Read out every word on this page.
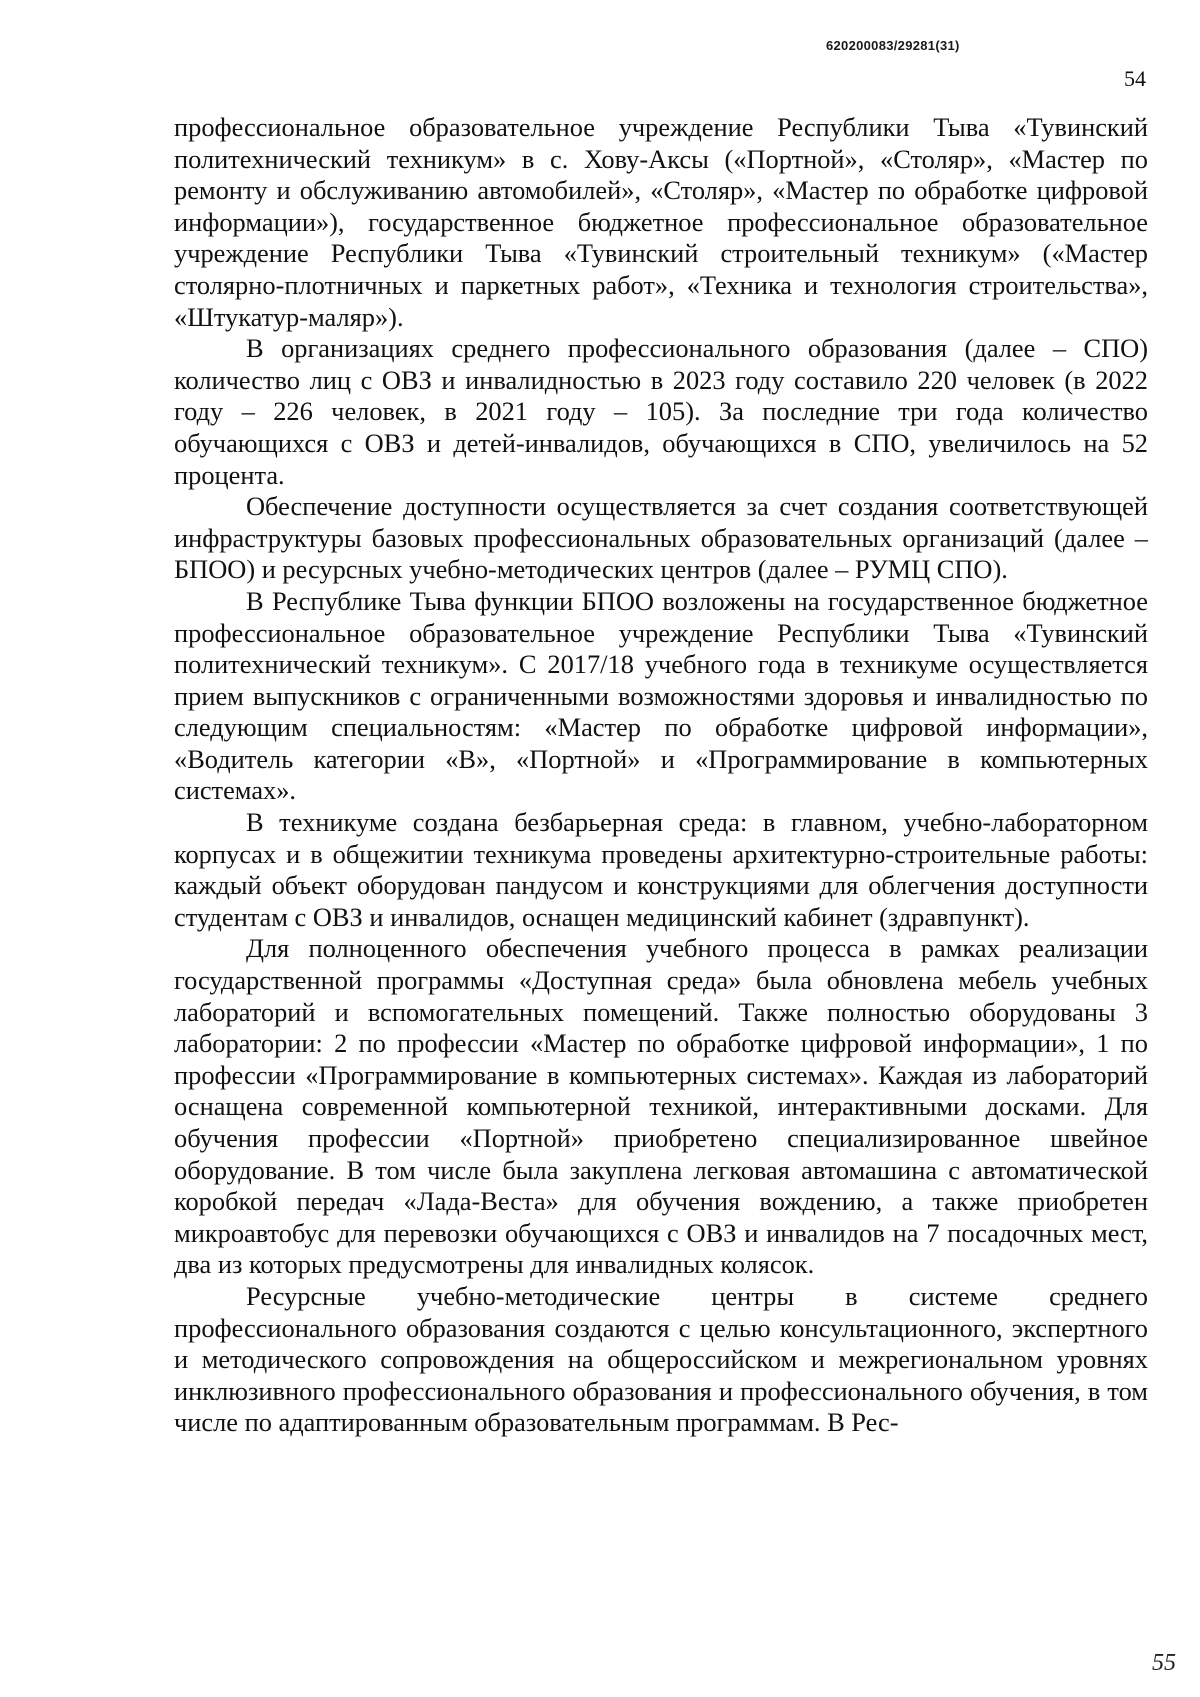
620200083/29281(31)
54

профессиональное образовательное учреждение Республики Тыва «Тувинский политехнический техникум» в с. Хову-Аксы («Портной», «Столяр», «Мастер по ремонту и обслуживанию автомобилей», «Столяр», «Мастер по обработке цифровой информации»), государственное бюджетное профессиональное образовательное учреждение Республики Тыва «Тувинский строительный техникум» («Мастер столярно-плотничных и паркетных работ», «Техника и технология строительства», «Штукатур-маляр»).

В организациях среднего профессионального образования (далее – СПО) количество лиц с ОВЗ и инвалидностью в 2023 году составило 220 человек (в 2022 году – 226 человек, в 2021 году – 105). За последние три года количество обучающихся с ОВЗ и детей-инвалидов, обучающихся в СПО, увеличилось на 52 процента.

Обеспечение доступности осуществляется за счет создания соответствующей инфраструктуры базовых профессиональных образовательных организаций (далее – БПОО) и ресурсных учебно-методических центров (далее – РУМЦ СПО).

В Республике Тыва функции БПОО возложены на государственное бюджетное профессиональное образовательное учреждение Республики Тыва «Тувинский политехнический техникум». С 2017/18 учебного года в техникуме осуществляется прием выпускников с ограниченными возможностями здоровья и инвалидностью по следующим специальностям: «Мастер по обработке цифровой информации», «Водитель категории «В», «Портной» и «Программирование в компьютерных системах».

В техникуме создана безбарьерная среда: в главном, учебно-лабораторном корпусах и в общежитии техникума проведены архитектурно-строительные работы: каждый объект оборудован пандусом и конструкциями для облегчения доступности студентам с ОВЗ и инвалидов, оснащен медицинский кабинет (здравпункт).

Для полноценного обеспечения учебного процесса в рамках реализации государственной программы «Доступная среда» была обновлена мебель учебных лабораторий и вспомогательных помещений. Также полностью оборудованы 3 лаборатории: 2 по профессии «Мастер по обработке цифровой информации», 1 по профессии «Программирование в компьютерных системах». Каждая из лабораторий оснащена современной компьютерной техникой, интерактивными досками. Для обучения профессии «Портной» приобретено специализированное швейное оборудование. В том числе была закуплена легковая автомашина с автоматической коробкой передач «Лада-Веста» для обучения вождению, а также приобретен микроавтобус для перевозки обучающихся с ОВЗ и инвалидов на 7 посадочных мест, два из которых предусмотрены для инвалидных колясок.

Ресурсные учебно-методические центры в системе среднего профессионального образования создаются с целью консультационного, экспертного и методического сопровождения на общероссийском и межрегиональном уровнях инклюзивного профессионального образования и профессионального обучения, в том числе по адаптированным образовательным программам. В Рес-

55
